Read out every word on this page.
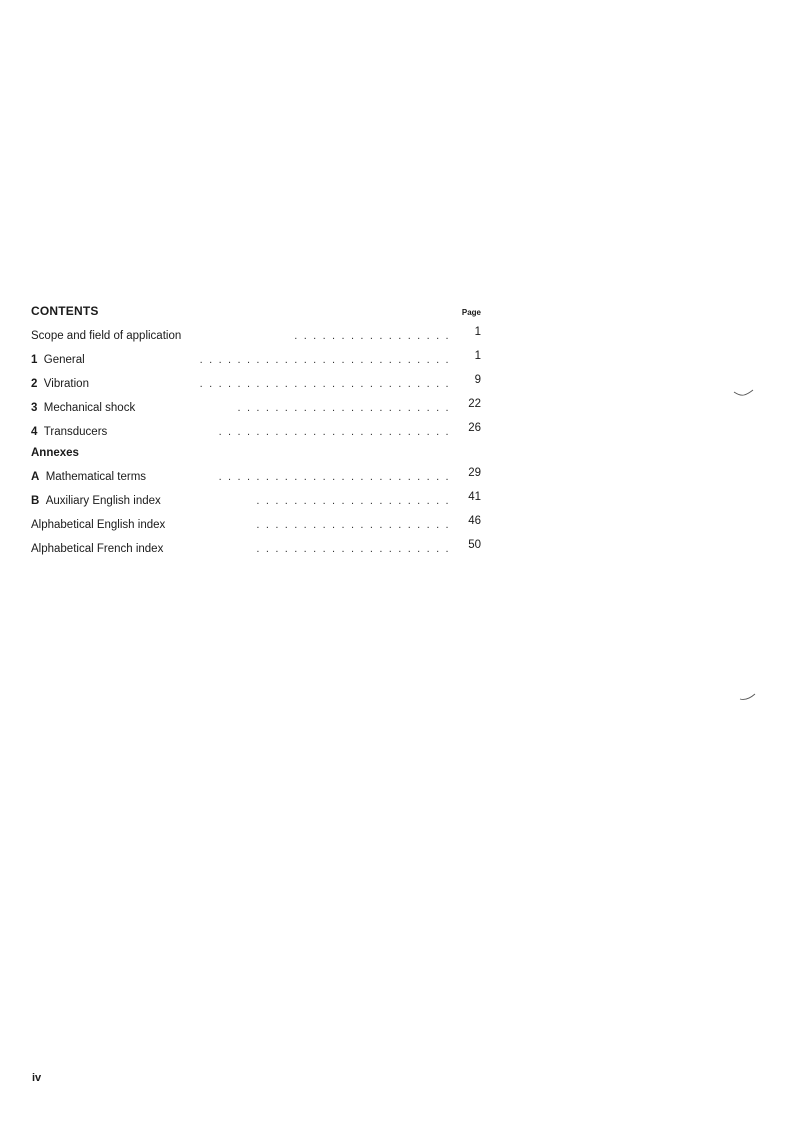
CONTENTS	Page
.................
Scope and field of application	1
...........................
1 General	1
...........................
2 Vibration	9
.......................
3 Mechanical shock	22
.........................
4 Transducers	26
Annexes
.........................
A Mathematical terms	29
.....................
B Auxiliary English index	41
.....................
Alphabetical English index	46
.....................
Alphabetical French index	50
iv
